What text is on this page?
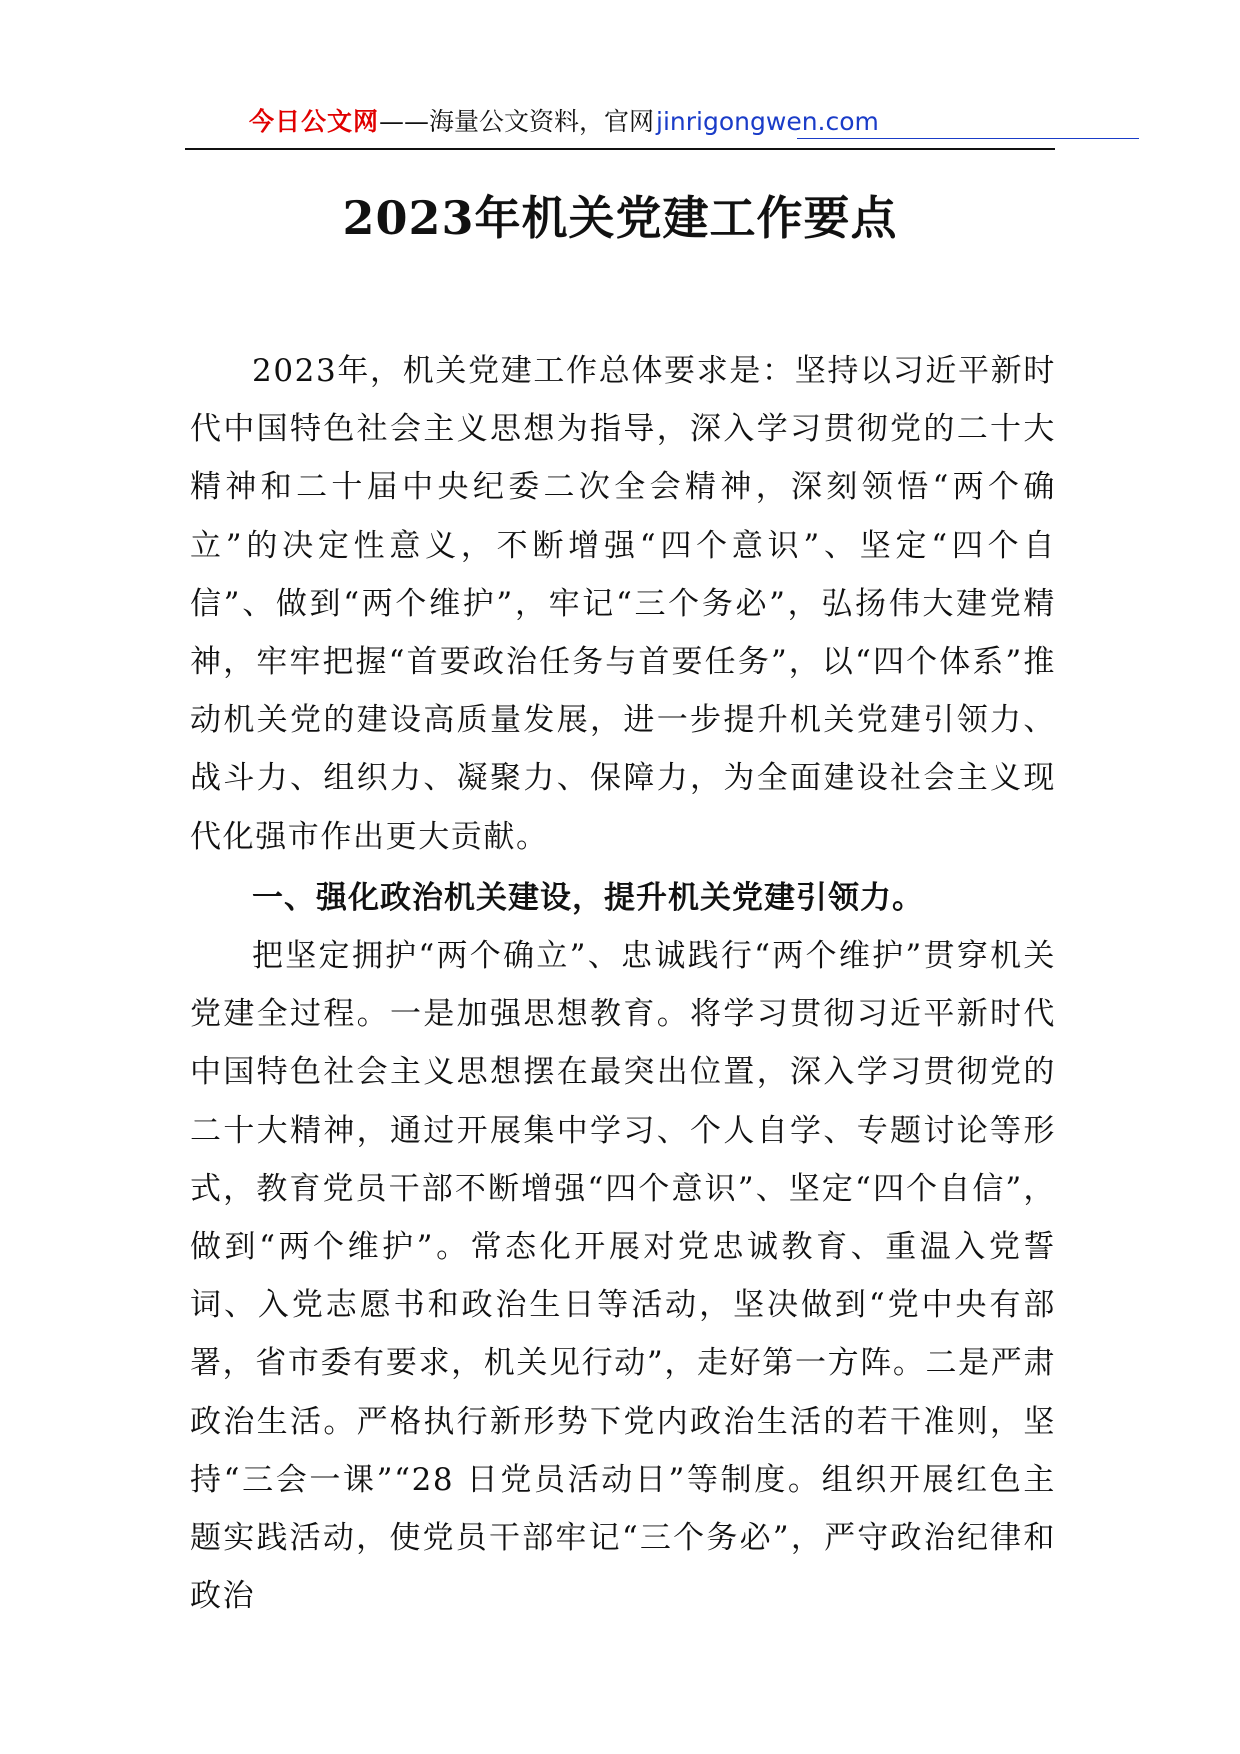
今日公文网——海量公文资料，官网jinrigongwen.com
2023年机关党建工作要点

2023年，机关党建工作总体要求是：坚持以习近平新时代中国特色社会主义思想为指导，深入学习贯彻党的二十大精神和二十届中央纪委二次全会精神，深刻领悟“两个确立”的决定性意义，不断增强“四个意识”、坚定“四个自信”、做到“两个维护”，牢记“三个务必”，弘扬伟大建党精神，牢牢把握“首要政治任务与首要任务”，以“四个体系”推动机关党的建设高质量发展，进一步提升机关党建引领力、战斗力、组织力、凝聚力、保障力，为全面建设社会主义现代化强市作出更大贡献。

一、强化政治机关建设，提升机关党建引领力。

把坚定拥护“两个确立”、忠诚践行“两个维护”贯穿机关党建全过程。一是加强思想教育。将学习贯彻习近平新时代中国特色社会主义思想摆在最突出位置，深入学习贯彻党的二十大精神，通过开展集中学习、个人自学、专题讨论等形式，教育党员干部不断增强“四个意识”、坚定“四个自信”，做到“两个维护”。常态化开展对党忠诚教育、重温入党誓词、入党志愿书和政治生日等活动，坚决做到“党中央有部署，省市委有要求，机关见行动”，走好第一方阵。二是严肃政治生活。严格执行新形势下党内政治生活的若干准则，坚持“三会一课”“28 日党员活动日”等制度。组织开展红色主题实践活动，使党员干部牢记“三个务必”，严守政治纪律和政治
